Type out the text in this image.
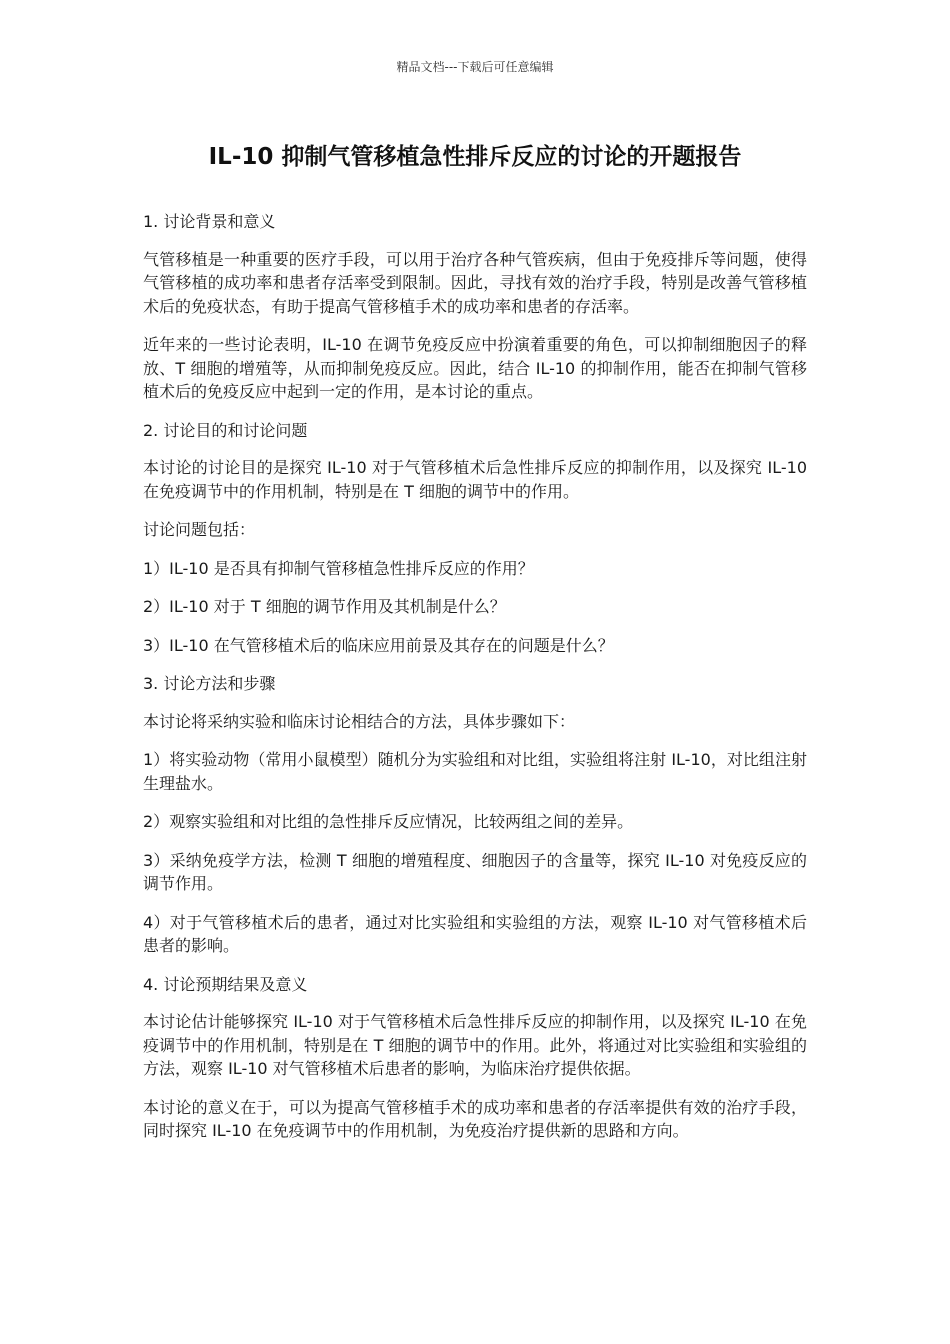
精品文档---下载后可任意编辑
IL-10 抑制气管移植急性排斥反应的讨论的开题报告

1. 讨论背景和意义

气管移植是一种重要的医疗手段，可以用于治疗各种气管疾病，但由于免疫排斥等问题，使得气管移植的成功率和患者存活率受到限制。因此，寻找有效的治疗手段，特别是改善气管移植术后的免疫状态，有助于提高气管移植手术的成功率和患者的存活率。

近年来的一些讨论表明，IL-10 在调节免疫反应中扮演着重要的角色，可以抑制细胞因子的释放、T 细胞的增殖等，从而抑制免疫反应。因此，结合 IL-10 的抑制作用，能否在抑制气管移植术后的免疫反应中起到一定的作用，是本讨论的重点。

2. 讨论目的和讨论问题

本讨论的讨论目的是探究 IL-10 对于气管移植术后急性排斥反应的抑制作用，以及探究 IL-10 在免疫调节中的作用机制，特别是在 T 细胞的调节中的作用。

讨论问题包括：

1）IL-10 是否具有抑制气管移植急性排斥反应的作用？

2）IL-10 对于 T 细胞的调节作用及其机制是什么？

3）IL-10 在气管移植术后的临床应用前景及其存在的问题是什么？

3. 讨论方法和步骤

本讨论将采纳实验和临床讨论相结合的方法，具体步骤如下：

1）将实验动物（常用小鼠模型）随机分为实验组和对比组，实验组将注射 IL-10，对比组注射生理盐水。

2）观察实验组和对比组的急性排斥反应情况，比较两组之间的差异。

3）采纳免疫学方法，检测 T 细胞的增殖程度、细胞因子的含量等，探究 IL-10 对免疫反应的调节作用。

4）对于气管移植术后的患者，通过对比实验组和实验组的方法，观察 IL-10 对气管移植术后患者的影响。

4. 讨论预期结果及意义

本讨论估计能够探究 IL-10 对于气管移植术后急性排斥反应的抑制作用，以及探究 IL-10 在免疫调节中的作用机制，特别是在 T 细胞的调节中的作用。此外，将通过对比实验组和实验组的方法，观察 IL-10 对气管移植术后患者的影响，为临床治疗提供依据。

本讨论的意义在于，可以为提高气管移植手术的成功率和患者的存活率提供有效的治疗手段，同时探究 IL-10 在免疫调节中的作用机制，为免疫治疗提供新的思路和方向。
